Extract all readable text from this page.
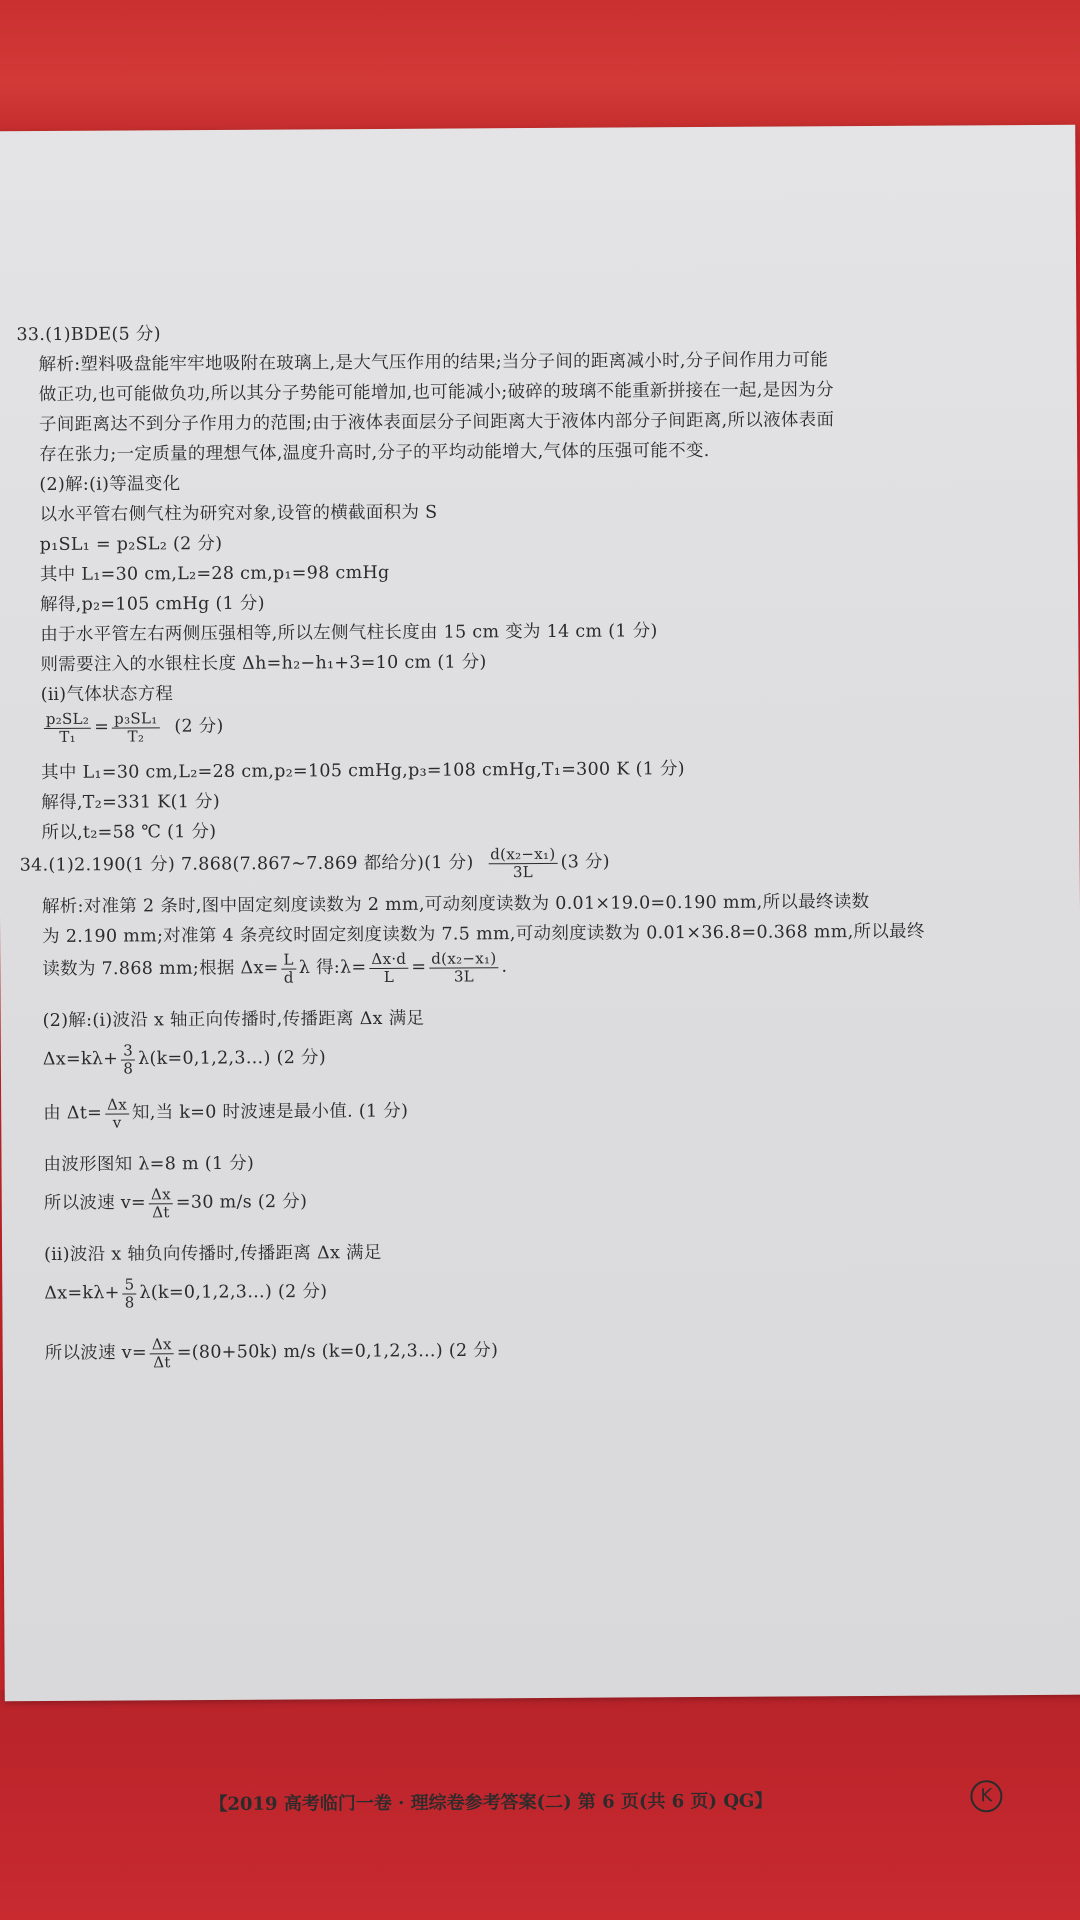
33.(1)BDE(5 分)
解析:塑料吸盘能牢牢地吸附在玻璃上,是大气压作用的结果;当分子间的距离减小时,分子间作用力可能
做正功,也可能做负功,所以其分子势能可能增加,也可能减小;破碎的玻璃不能重新拼接在一起,是因为分
子间距离达不到分子作用力的范围;由于液体表面层分子间距离大于液体内部分子间距离,所以液体表面
存在张力;一定质量的理想气体,温度升高时,分子的平均动能增大,气体的压强可能不变.
(2)解:(ⅰ)等温变化
以水平管右侧气柱为研究对象,设管的横截面积为 S
p₁SL₁ = p₂SL₂ (2 分)
其中 L₁=30 cm,L₂=28 cm,p₁=98 cmHg
解得,p₂=105 cmHg (1 分)
由于水平管左右两侧压强相等,所以左侧气柱长度由 15 cm 变为 14 cm (1 分)
则需要注入的水银柱长度 Δh=h₂−h₁+3=10 cm (1 分)
(ⅱ)气体状态方程
$\frac{\text{p₂SL₂}}{\text{T₁}} = \frac{\text{p₃SL₁}}{\text{T₂}} (2$ 分)
其中 L₁=30 cm,L₂=28 cm,p₂=105 cmHg,p₃=108 cmHg,T₁=300 K (1 分)
解得,T₂=331 K(1 分)
所以,t₂=58 ℃ (1 分)
34.(1)2.190(1 分) 7.868(7.867~7.869 都给分)(1 分) $\frac{\text{d(x₂−x₁)}}{3L} (3$ 分)
解析:对准第 2 条时,图中固定刻度读数为 2 mm,可动刻度读数为 0.01×19.0=0.190 mm,所以最终读数
为 2.190 mm;对准第 4 条亮纹时固定刻度读数为 7.5 mm,可动刻度读数为 0.01×36.8=0.368 mm,所以最终
读数为 7.868 mm;根据 $\Delta x= \frac{L}{d}$ λ 得:λ= $\frac{\Delta x\cdot d}{L} = \frac{\text{d(x₂−x₁)}}{3L}$ .
(2)解:(ⅰ)波沿 x 轴正向传播时,传播距离 Δx 满足
$\Delta x=k\lambda+ \frac{3}{8}$ λ(k=0,1,2,3…) (2 分)
由 $\Delta t= \frac{\Delta x}{v}$ 知,当 k=0 时波速是最小值. (1 分)
由波形图知 λ=8 m (1 分)
所以波速 $v= \frac{\Delta x}{\Delta t} =30$ m/s (2 分)
(ⅱ)波沿 x 轴负向传播时,传播距离 Δx 满足
$\Delta x=k\lambda+ \frac{5}{8}$ λ(k=0,1,2,3…) (2 分)
所以波速 $v= \frac{\Delta x}{\Delta t} =(80+50k)$ m/s (k=0,1,2,3…) (2 分)
【2019 高考临门一卷 · 理综卷参考答案(二) 第 6 页(共 6 页) QG】	K
